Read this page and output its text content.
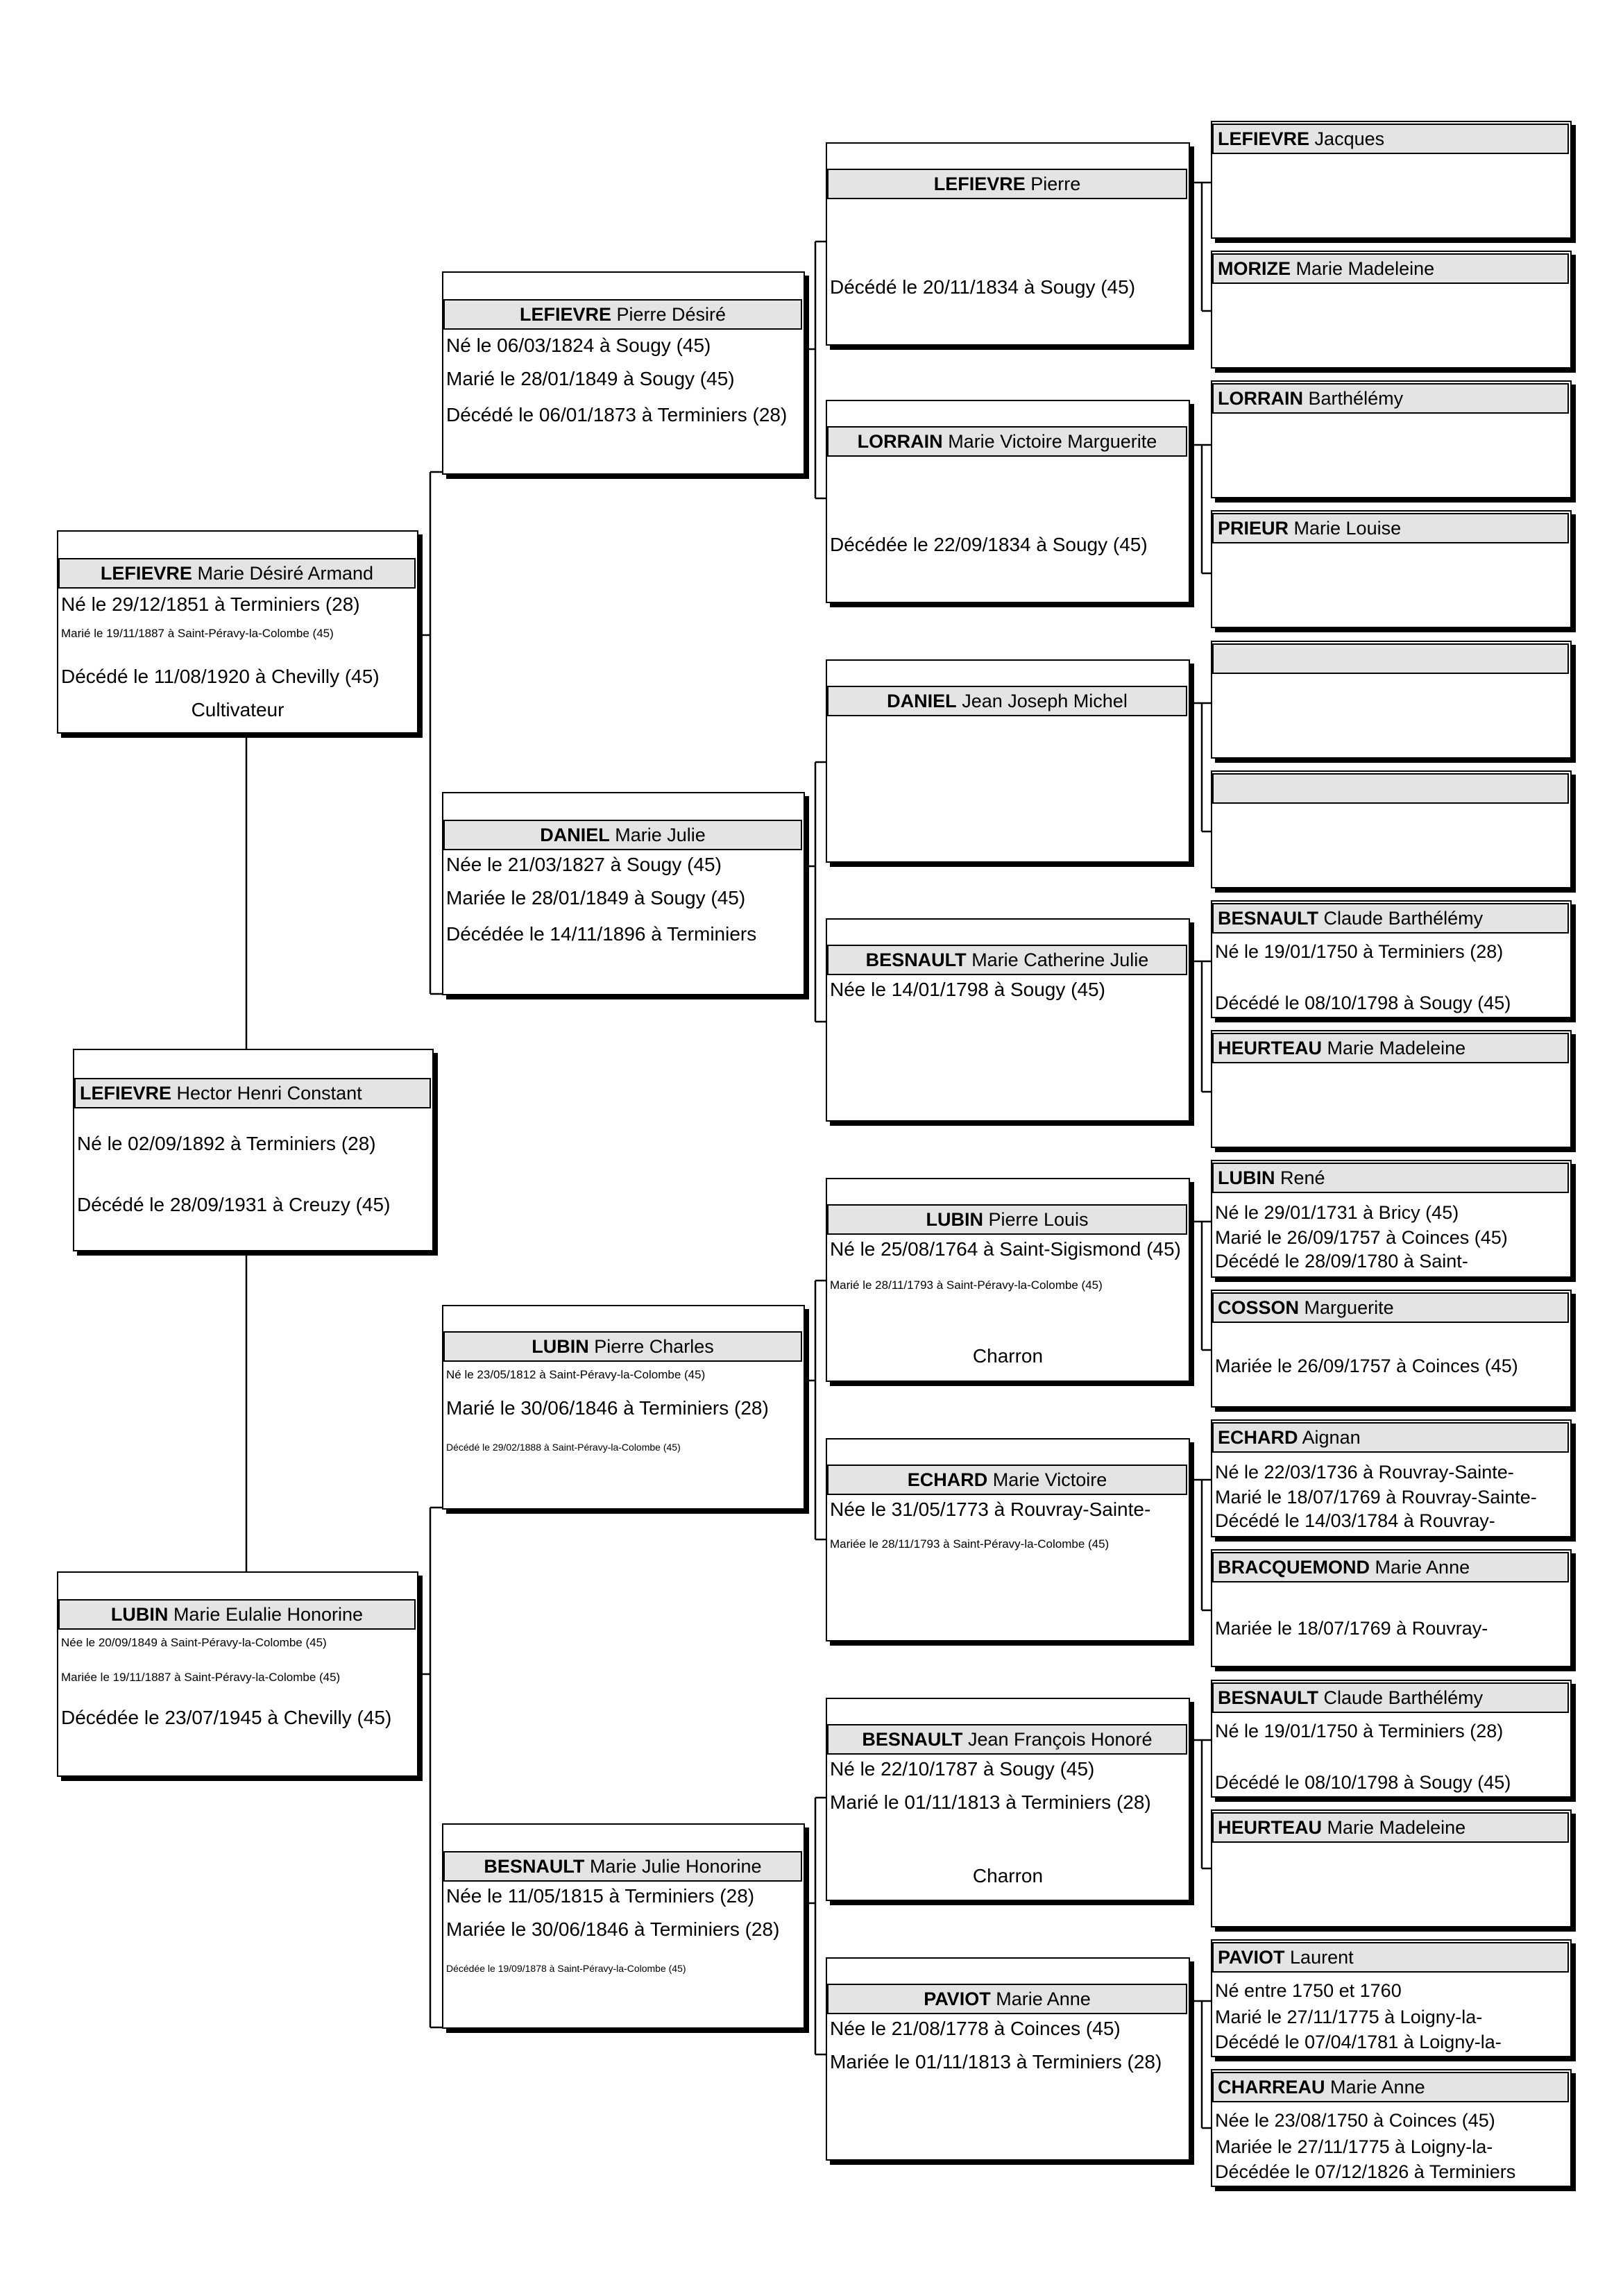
LEFIEVRE Hector Henri Constant
Né le 02/09/1892 à Terminiers (28)
Décédé le 28/09/1931 à Creuzy (45)
LEFIEVRE Marie Désiré Armand
Né le 29/12/1851 à Terminiers (28)
Marié le 19/11/1887 à Saint-Péravy-la-Colombe (45)
Décédé le 11/08/1920 à Chevilly (45)
Cultivateur
LUBIN Marie Eulalie Honorine
Née le 20/09/1849 à Saint-Péravy-la-Colombe (45)
Mariée le 19/11/1887 à Saint-Péravy-la-Colombe (45)
Décédée le 23/07/1945 à Chevilly (45)
LEFIEVRE Pierre Désiré
Né le 06/03/1824 à Sougy (45)
Marié le 28/01/1849 à Sougy (45)
Décédé le 06/01/1873 à Terminiers (28)
DANIEL Marie Julie
Née le 21/03/1827 à Sougy (45)
Mariée le 28/01/1849 à Sougy (45)
Décédée le 14/11/1896 à Terminiers
LUBIN Pierre Charles
Né le 23/05/1812 à Saint-Péravy-la-Colombe (45)
Marié le 30/06/1846 à Terminiers (28)
Décédé le 29/02/1888 à Saint-Péravy-la-Colombe (45)
BESNAULT Marie Julie Honorine
Née le 11/05/1815 à Terminiers (28)
Mariée le 30/06/1846 à Terminiers (28)
Décédée le 19/09/1878 à Saint-Péravy-la-Colombe (45)
LEFIEVRE Pierre
Décédé le 20/11/1834 à Sougy (45)
LORRAIN Marie Victoire Marguerite
Décédée le 22/09/1834 à Sougy (45)
DANIEL Jean Joseph Michel
BESNAULT Marie Catherine Julie
Née le 14/01/1798 à Sougy (45)
LUBIN Pierre Louis
Né le 25/08/1764 à Saint-Sigismond (45)
Marié le 28/11/1793 à Saint-Péravy-la-Colombe (45)
Charron
ECHARD Marie Victoire
Née le 31/05/1773 à Rouvray-Sainte-
Mariée le 28/11/1793 à Saint-Péravy-la-Colombe (45)
BESNAULT Jean François Honoré
Né le 22/10/1787 à Sougy (45)
Marié le 01/11/1813 à Terminiers (28)
Charron
PAVIOT Marie Anne
Née le 21/08/1778 à Coinces (45)
Mariée le 01/11/1813 à Terminiers (28)
LEFIEVRE Jacques
MORIZE Marie Madeleine
LORRAIN Barthélémy
PRIEUR Marie Louise
BESNAULT Claude Barthélémy
Né le 19/01/1750 à Terminiers (28)
Décédé le 08/10/1798 à Sougy (45)
HEURTEAU Marie Madeleine
LUBIN René
Né le 29/01/1731 à Bricy (45)
Marié le 26/09/1757 à Coinces (45)
Décédé le 28/09/1780 à Saint-
COSSON Marguerite
Mariée le 26/09/1757 à Coinces (45)
ECHARD Aignan
Né le 22/03/1736 à Rouvray-Sainte-
Marié le 18/07/1769 à Rouvray-Sainte-
Décédé le 14/03/1784 à Rouvray-
BRACQUEMOND Marie Anne
Mariée le 18/07/1769 à Rouvray-
BESNAULT Claude Barthélémy
Né le 19/01/1750 à Terminiers (28)
Décédé le 08/10/1798 à Sougy (45)
HEURTEAU Marie Madeleine
PAVIOT Laurent
Né entre 1750 et 1760
Marié le 27/11/1775 à Loigny-la-
Décédé le 07/04/1781 à Loigny-la-
CHARREAU Marie Anne
Née le 23/08/1750 à Coinces (45)
Mariée le 27/11/1775 à Loigny-la-
Décédée le 07/12/1826 à Terminiers
